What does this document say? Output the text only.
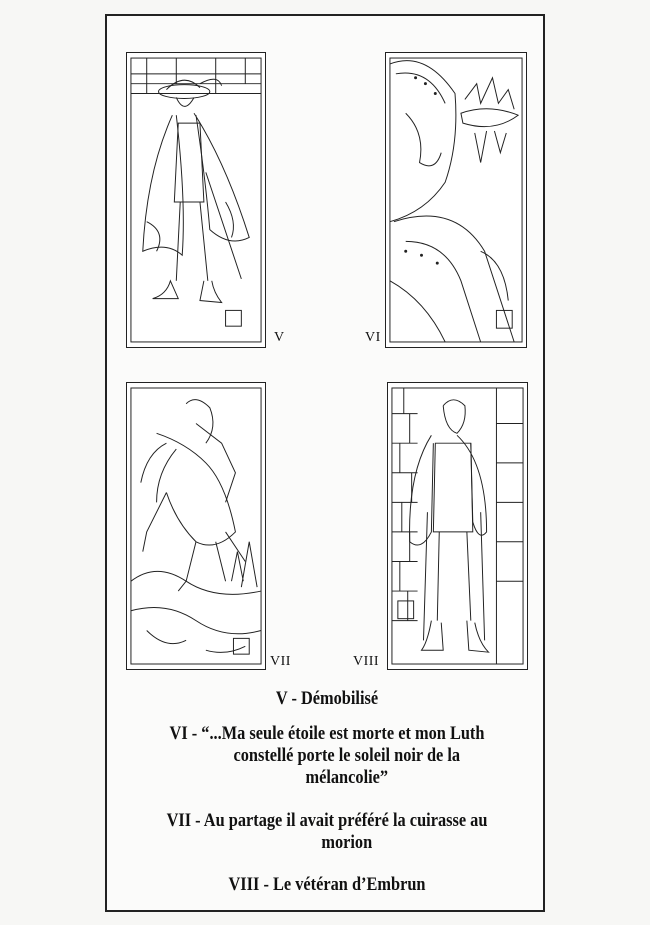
V	VI
VII	VIII
V - Démobilisé
VI - “...Ma seule étoile est morte et mon Luth
constellé porte le soleil noir de la
mélancolie”
VII - Au partage il avait préféré la cuirasse au
morion
VIII - Le vétéran d’Embrun
